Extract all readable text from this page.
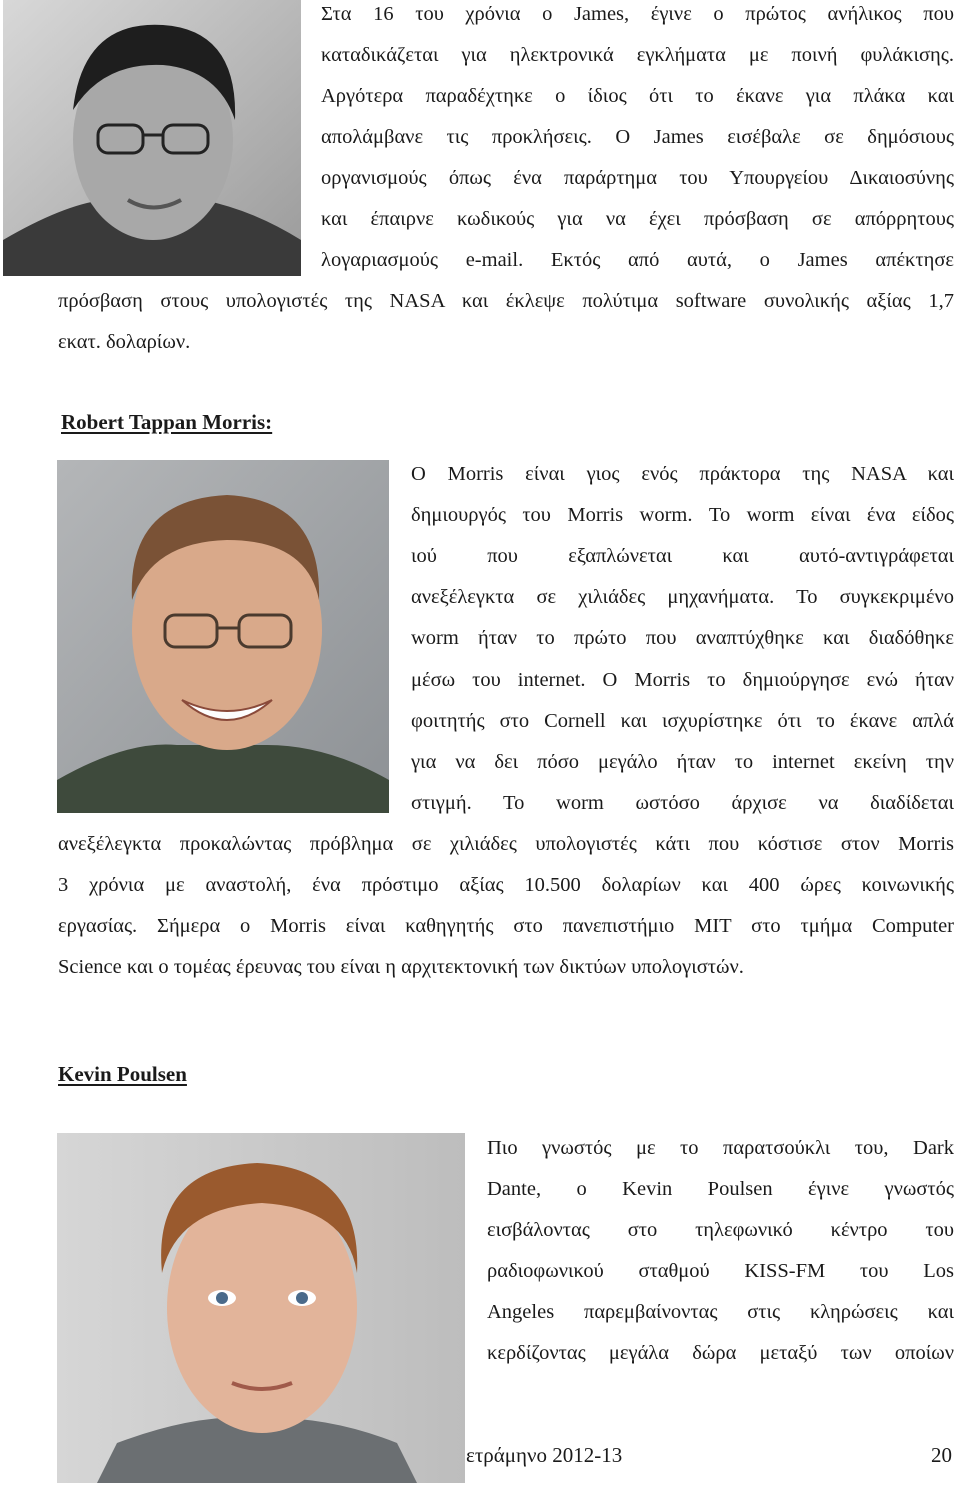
Στα 16 του χρόνια ο James, έγινε ο πρώτος ανήλικος που
καταδικάζεται για ηλεκτρονικά εγκλήματα με ποινή φυλάκισης.
Αργότερα παραδέχτηκε ο ίδιος ότι το έκανε για πλάκα και
απολάμβανε τις προκλήσεις. Ο James εισέβαλε σε δημόσιους
οργανισμούς όπως ένα παράρτημα του Υπουργείου Δικαιοσύνης
και έπαιρνε κωδικούς για να έχει πρόσβαση σε απόρρητους
λογαριασμούς e-mail. Εκτός από αυτά, ο James απέκτησε
πρόσβαση στους υπολογιστές της NASA και έκλεψε πολύτιμα software συνολικής αξίας 1,7
εκατ. δολαρίων.
Robert Tappan Morris:
Ο Morris είναι γιος ενός πράκτορα της NASA και
δημιουργός του Morris worm. Το worm είναι ένα είδος
ιού που εξαπλώνεται και αυτό-αντιγράφεται
ανεξέλεγκτα σε χιλιάδες μηχανήματα. Το συγκεκριμένο
worm ήταν το πρώτο που αναπτύχθηκε και διαδόθηκε
μέσω του internet. Ο Morris το δημιούργησε ενώ ήταν
φοιτητής στο Cornell και ισχυρίστηκε ότι το έκανε απλά
για να δει πόσο μεγάλο ήταν το internet εκείνη την
στιγμή. Το worm ωστόσο άρχισε να διαδίδεται
ανεξέλεγκτα προκαλώντας πρόβλημα σε χιλιάδες υπολογιστές κάτι που κόστισε στον Morris
3 χρόνια με αναστολή, ένα πρόστιμο αξίας 10.500 δολαρίων και 400 ώρες κοινωνικής
εργασίας. Σήμερα ο Morris είναι καθηγητής στο πανεπιστήμιο MIT στο τμήμα Computer
Science και ο τομέας έρευνας του είναι η αρχιτεκτονική των δικτύων υπολογιστών.
Kevin Poulsen
Πιο γνωστός με το παρατσούκλι του, Dark
Dante, ο Kevin Poulsen έγινε γνωστός
εισβάλοντας στο τηλεφωνικό κέντρο του
ραδιοφωνικού σταθμού KISS-FM του Los
Angeles παρεμβαίνοντας στις κληρώσεις και
κερδίζοντας μεγάλα δώρα μεταξύ των οποίων
ετράμηνο 2012-13	20
